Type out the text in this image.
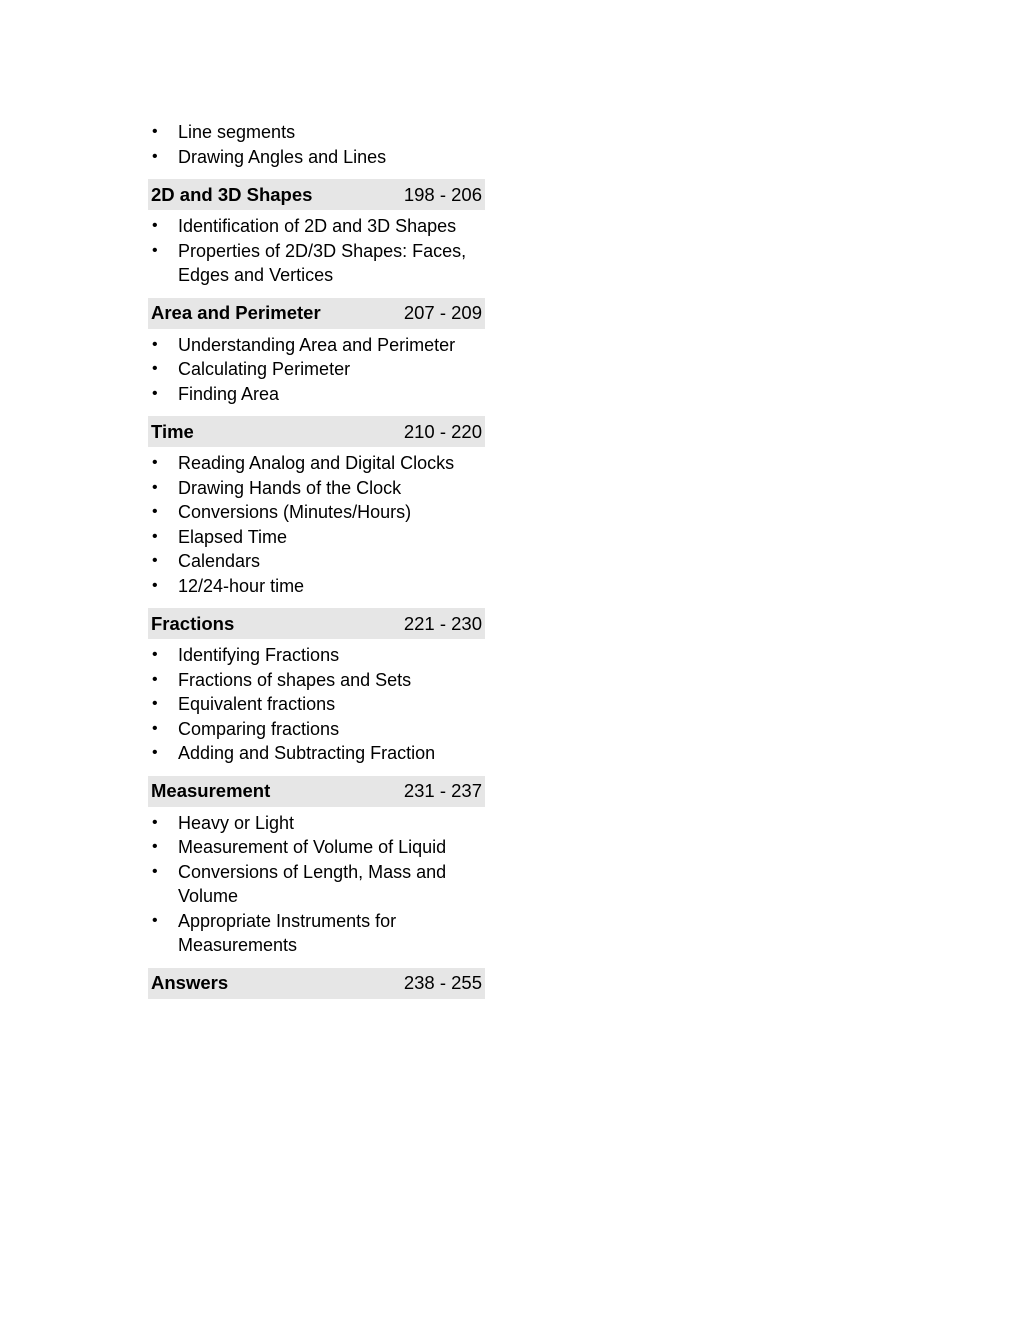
• Line segments
• Drawing Angles and Lines
2D and 3D Shapes	198 - 206
• Identification of 2D and 3D Shapes
• Properties of 2D/3D Shapes: Faces, Edges and Vertices
Area and Perimeter	207 - 209
• Understanding Area and Perimeter
• Calculating Perimeter
• Finding Area
Time	210 - 220
• Reading Analog and Digital Clocks
• Drawing Hands of the Clock
• Conversions (Minutes/Hours)
• Elapsed Time
• Calendars
• 12/24-hour time
Fractions	221 - 230
• Identifying Fractions
• Fractions of shapes and Sets
• Equivalent fractions
• Comparing fractions
• Adding and Subtracting Fraction
Measurement	231 - 237
• Heavy or Light
• Measurement of Volume of Liquid
• Conversions of Length, Mass and Volume
• Appropriate Instruments for Measurements
Answers	238 - 255
